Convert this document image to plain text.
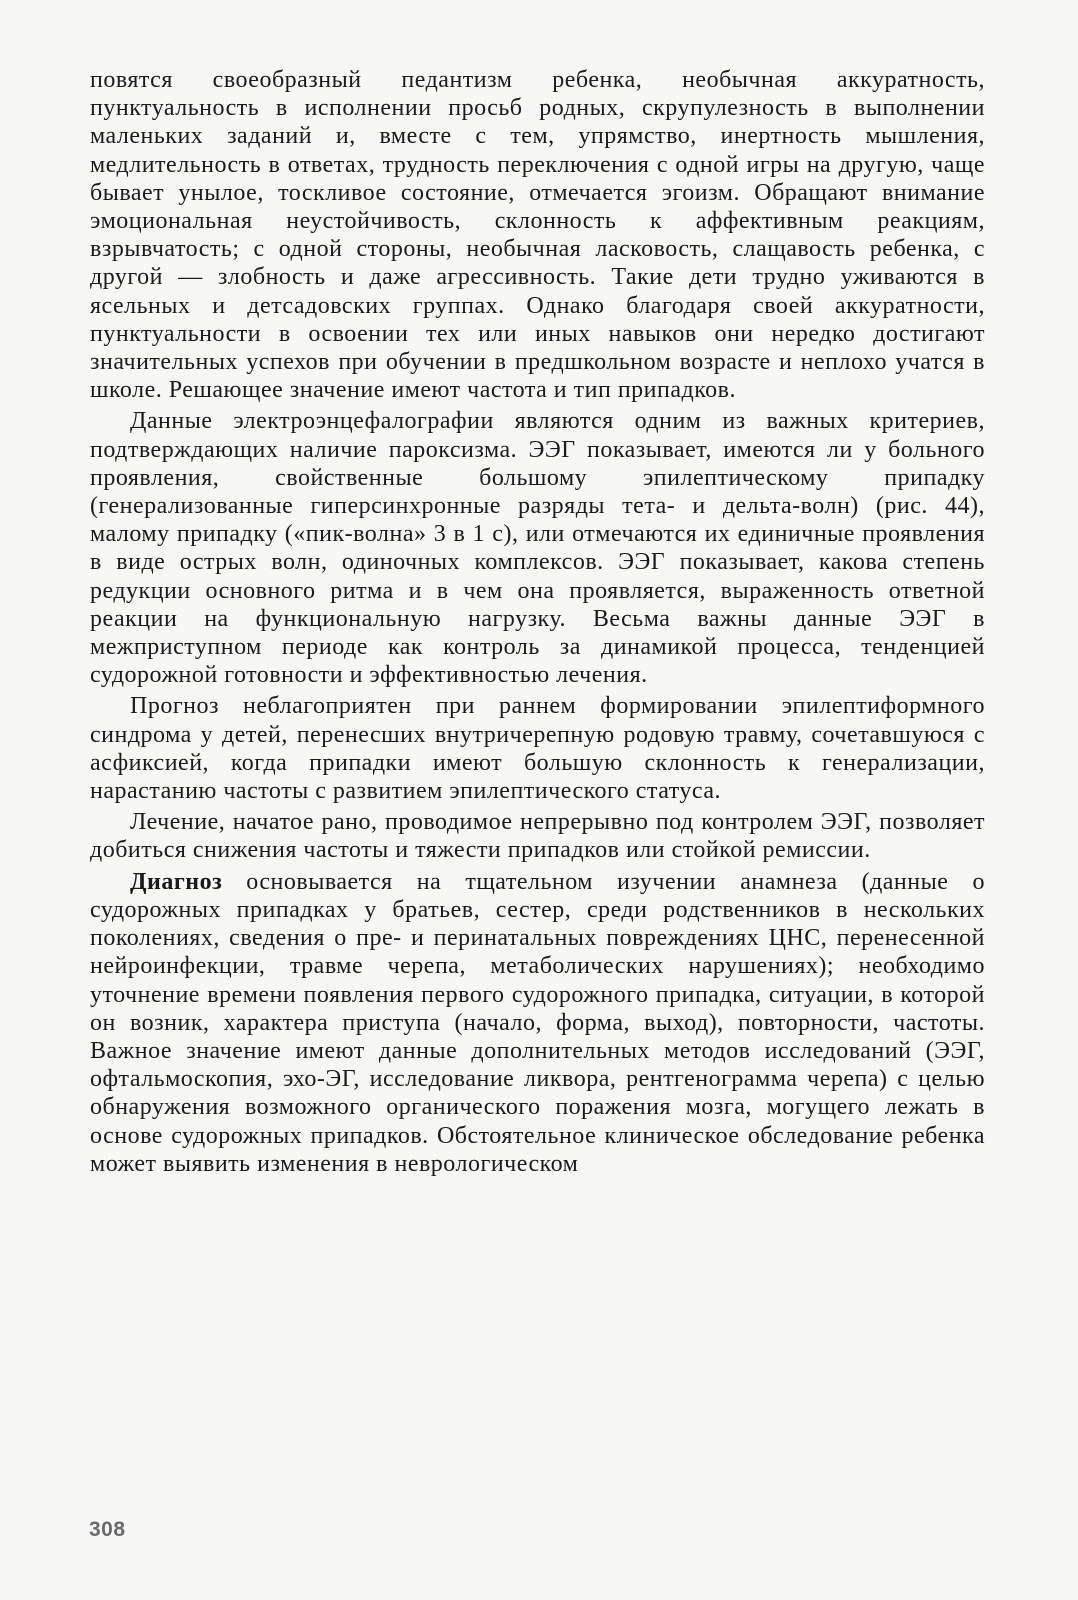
повятся своеобразный педантизм ребенка, необычная аккуратность, пунктуальность в исполнении просьб родных, скрупулезность в выполнении маленьких заданий и, вместе с тем, упрямство, инертность мышления, медлительность в ответах, трудность переключения с одной игры на другую, чаще бывает унылое, тоскливое состояние, отмечается эгоизм. Обращают внимание эмоциональная неустойчивость, склонность к аффективным реакциям, взрывчатость; с одной стороны, необычная ласковость, слащавость ребенка, с другой — злобность и даже агрессивность. Такие дети трудно уживаются в ясельных и детсадовских группах. Однако благодаря своей аккуратности, пунктуальности в освоении тех или иных навыков они нередко достигают значительных успехов при обучении в предшкольном возрасте и неплохо учатся в школе. Решающее значение имеют частота и тип припадков.

Данные электроэнцефалографии являются одним из важных критериев, подтверждающих наличие пароксизма. ЭЭГ показывает, имеются ли у больного проявления, свойственные большому эпилептическому припадку (генерализованные гиперсинхронные разряды тета- и дельта-волн) (рис. 44), малому припадку («пик-волна» 3 в 1 с), или отмечаются их единичные проявления в виде острых волн, одиночных комплексов. ЭЭГ показывает, какова степень редукции основного ритма и в чем она проявляется, выраженность ответной реакции на функциональную нагрузку. Весьма важны данные ЭЭГ в межприступном периоде как контроль за динамикой процесса, тенденцией судорожной готовности и эффективностью лечения.

Прогноз неблагоприятен при раннем формировании эпилептиформного синдрома у детей, перенесших внутричерепную родовую травму, сочетавшуюся с асфиксией, когда припадки имеют большую склонность к генерализации, нарастанию частоты с развитием эпилептического статуса.

Лечение, начатое рано, проводимое непрерывно под контролем ЭЭГ, позволяет добиться снижения частоты и тяжести припадков или стойкой ремиссии.

Диагноз основывается на тщательном изучении анамнеза (данные о судорожных припадках у братьев, сестер, среди родственников в нескольких поколениях, сведения о пре- и перинатальных повреждениях ЦНС, перенесенной нейроинфекции, травме черепа, метаболических нарушениях); необходимо уточнение времени появления первого судорожного припадка, ситуации, в которой он возник, характера приступа (начало, форма, выход), повторности, частоты. Важное значение имеют данные дополнительных методов исследований (ЭЭГ, офтальмоскопия, эхо-ЭГ, исследование ликвора, рентгенограмма черепа) с целью обнаружения возможного органического поражения мозга, могущего лежать в основе судорожных припадков. Обстоятельное клиническое обследование ребенка может выявить изменения в неврологическом

308
